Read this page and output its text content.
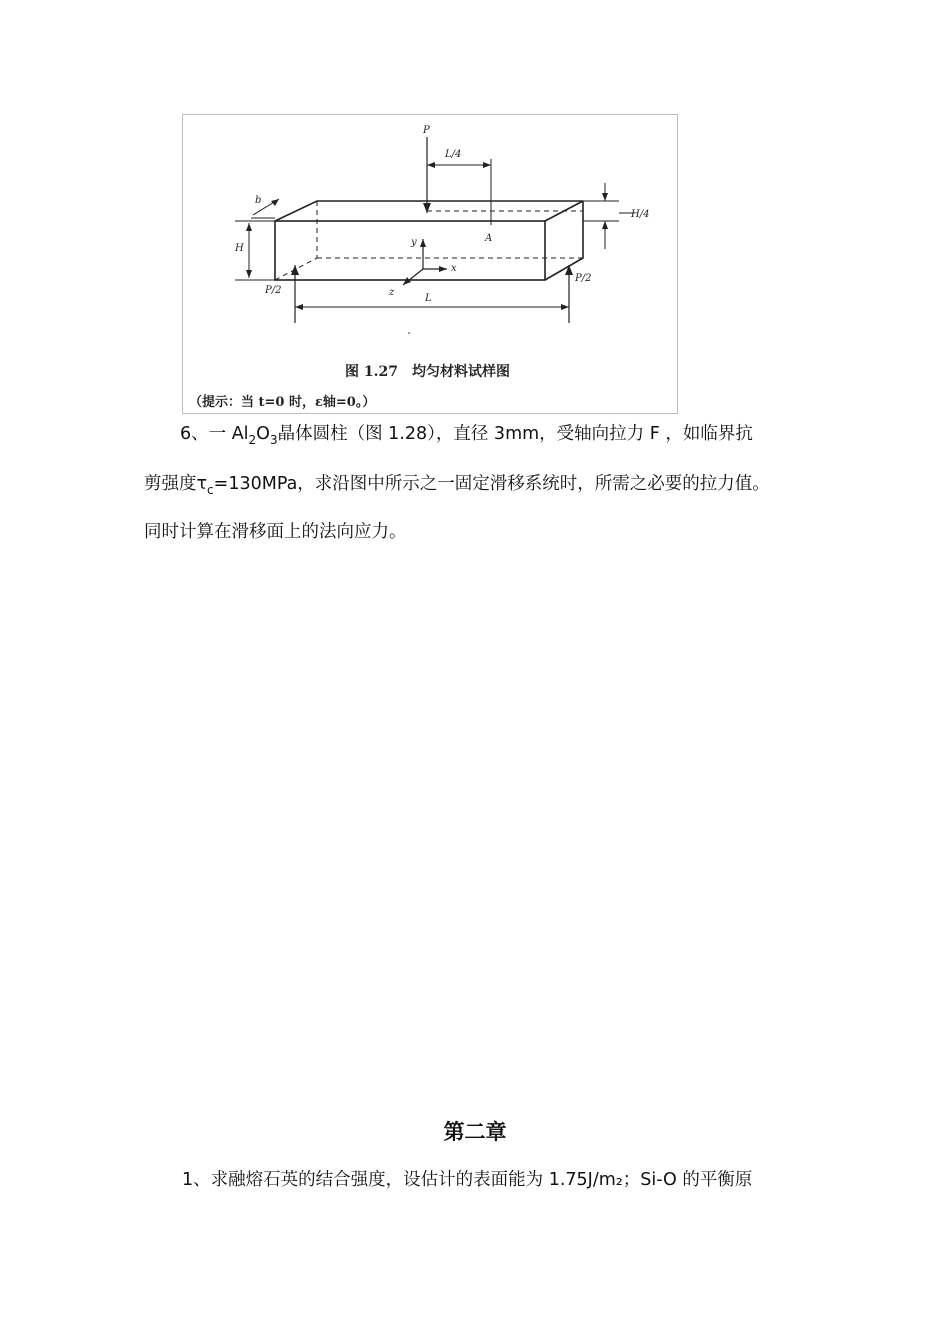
P
L/4
H/4
b
H
y
x
z
A
P/2
P/2
L
图 1.27　均匀材料试样图
（提示：当 t=0 时，ε轴=0。）
6、一 $Al_2O_3$晶体圆柱（图 1.28），直径 3mm，受轴向拉力 F ，如临界抗
剪强度$\tau_c=130MPa$，求沿图中所示之一固定滑移系统时，所需之必要的拉力值。
同时计算在滑移面上的法向应力。
第二章
1、求融熔石英的结合强度，设估计的表面能为 1.75J/m₂；Si-O 的平衡原
